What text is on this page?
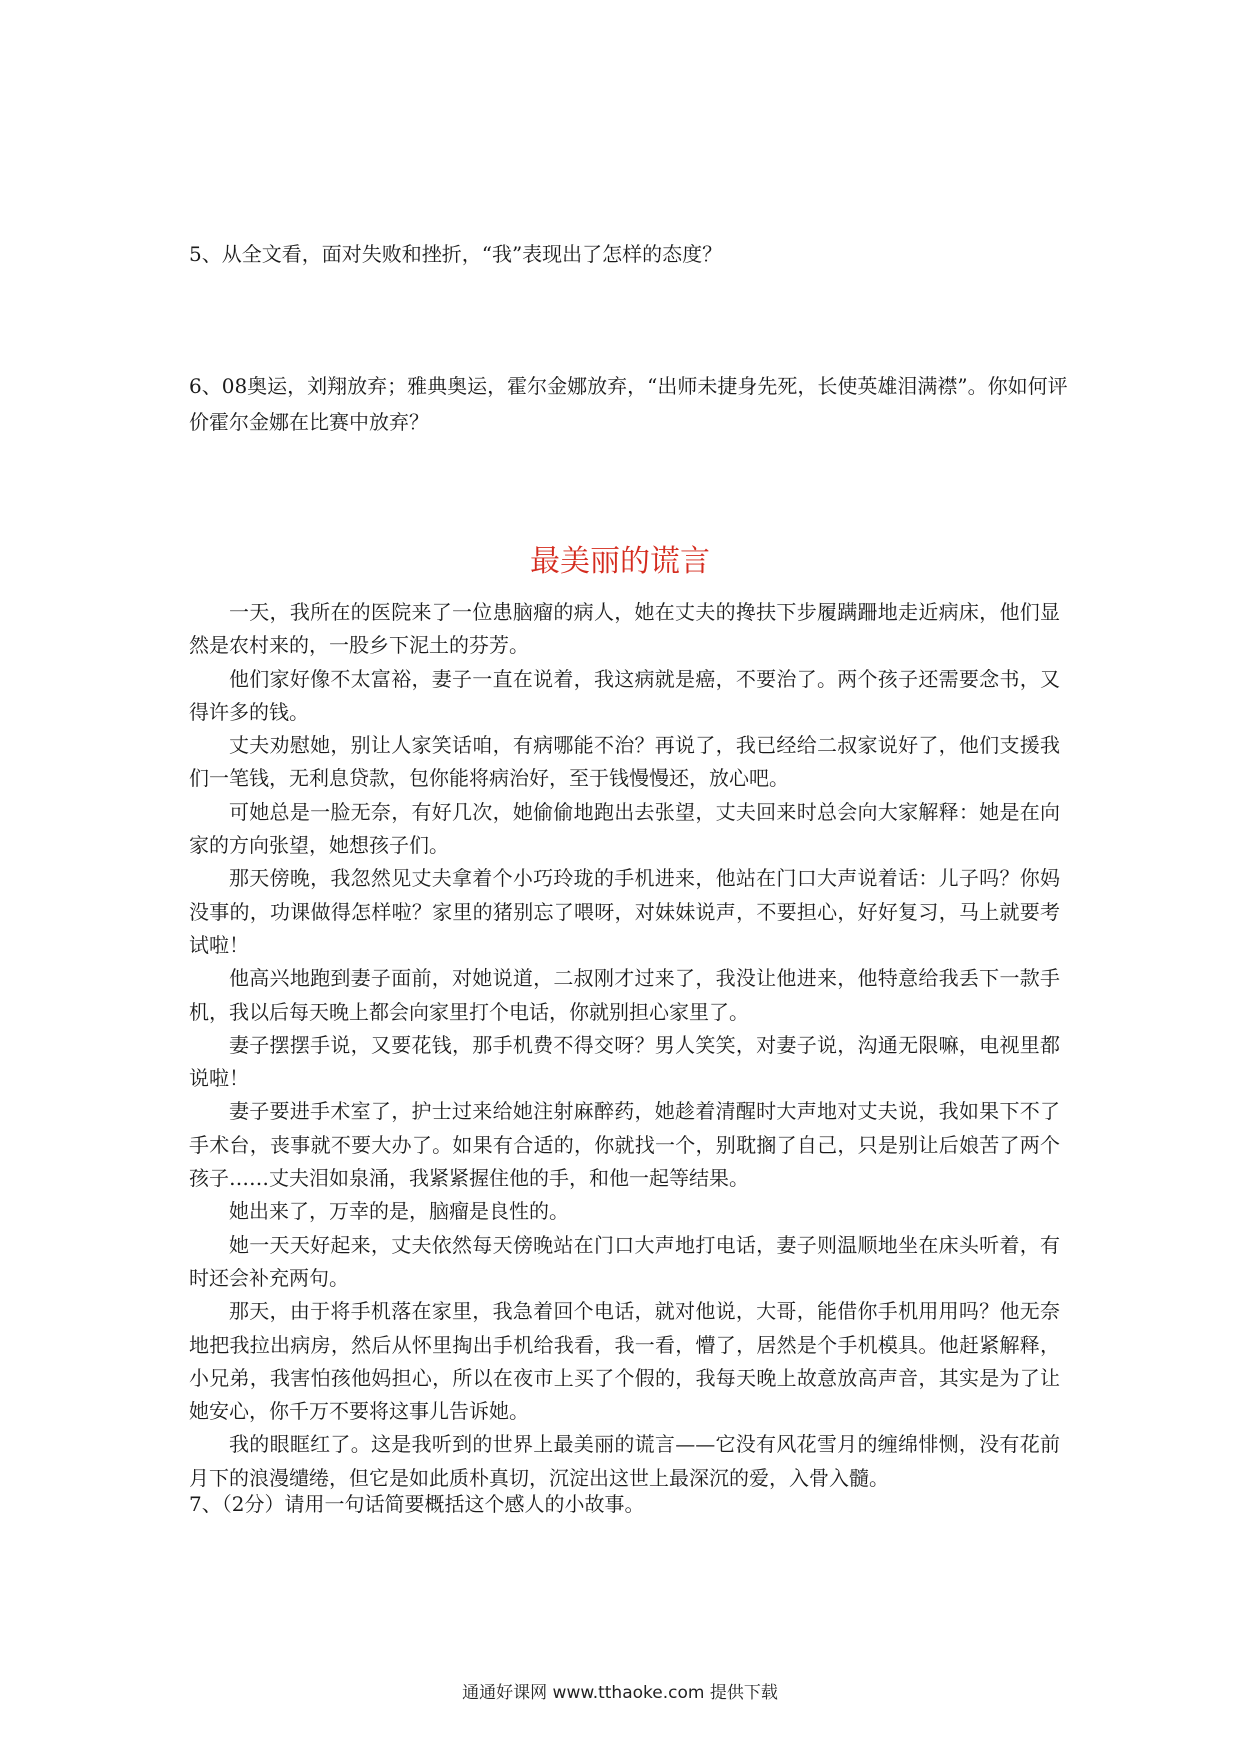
5、从全文看，面对失败和挫折，“我”表现出了怎样的态度？

6、08奥运，刘翔放弃；雅典奥运，霍尔金娜放弃，“出师未捷身先死，长使英雄泪满襟”。你如何评价霍尔金娜在比赛中放弃？

最美丽的谎言

一天，我所在的医院来了一位患脑瘤的病人，她在丈夫的搀扶下步履蹒跚地走近病床，他们显然是农村来的，一股乡下泥土的芬芳。

他们家好像不太富裕，妻子一直在说着，我这病就是癌，不要治了。两个孩子还需要念书，又得许多的钱。

丈夫劝慰她，别让人家笑话咱，有病哪能不治？再说了，我已经给二叔家说好了，他们支援我们一笔钱，无利息贷款，包你能将病治好，至于钱慢慢还，放心吧。

可她总是一脸无奈，有好几次，她偷偷地跑出去张望，丈夫回来时总会向大家解释：她是在向家的方向张望，她想孩子们。

那天傍晚，我忽然见丈夫拿着个小巧玲珑的手机进来，他站在门口大声说着话：儿子吗？你妈没事的，功课做得怎样啦？家里的猪别忘了喂呀，对妹妹说声，不要担心，好好复习，马上就要考试啦！

他高兴地跑到妻子面前，对她说道，二叔刚才过来了，我没让他进来，他特意给我丢下一款手机，我以后每天晚上都会向家里打个电话，你就别担心家里了。

妻子摆摆手说，又要花钱，那手机费不得交呀？男人笑笑，对妻子说，沟通无限嘛，电视里都说啦！

妻子要进手术室了，护士过来给她注射麻醉药，她趁着清醒时大声地对丈夫说，我如果下不了手术台，丧事就不要大办了。如果有合适的，你就找一个，别耽搁了自己，只是别让后娘苦了两个孩子……丈夫泪如泉涌，我紧紧握住他的手，和他一起等结果。

她出来了，万幸的是，脑瘤是良性的。

她一天天好起来，丈夫依然每天傍晚站在门口大声地打电话，妻子则温顺地坐在床头听着，有时还会补充两句。

那天，由于将手机落在家里，我急着回个电话，就对他说，大哥，能借你手机用用吗？他无奈地把我拉出病房，然后从怀里掏出手机给我看，我一看，懵了，居然是个手机模具。他赶紧解释，小兄弟，我害怕孩他妈担心，所以在夜市上买了个假的，我每天晚上故意放高声音，其实是为了让她安心，你千万不要将这事儿告诉她。

我的眼眶红了。这是我听到的世界上最美丽的谎言——它没有风花雪月的缠绵悱恻，没有花前月下的浪漫缱绻，但它是如此质朴真切，沉淀出这世上最深沉的爱，入骨入髓。

7、（2分）请用一句话简要概括这个感人的小故事。

通通好课网 www.tthaoke.com 提供下载
